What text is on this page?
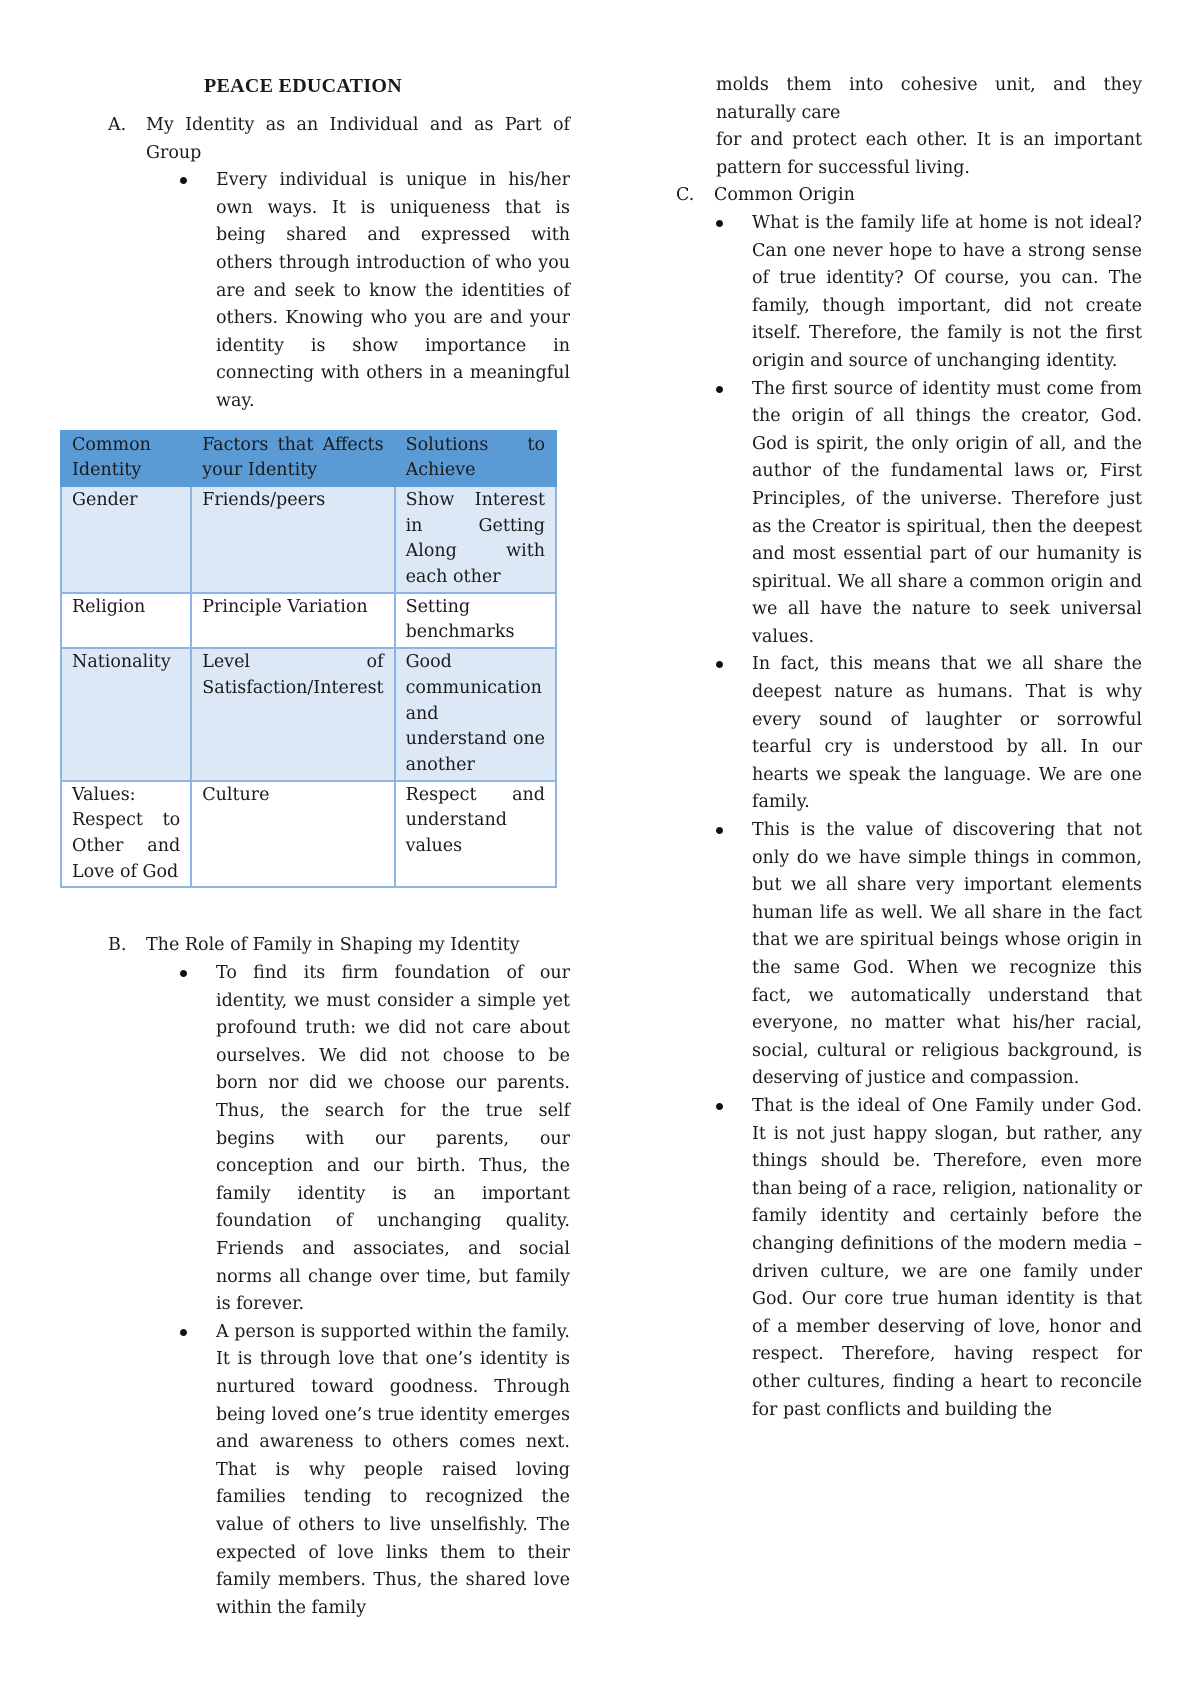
PEACE EDUCATION
A.	My Identity as an Individual and as Part of Group
Every individual is unique in his/her own ways. It is uniqueness that is being shared and expressed with others through introduction of who you are and seek to know the identities of others. Knowing who you are and your identity is show importance in connecting with others in a meaningful way.
Common Identity	Factors that Affects your Identity	Solutions to Achieve
Gender	Friends/peers	Show Interest in Getting Along with each other
Religion	Principle Variation	Setting benchmarks
Nationality	Level of Satisfaction/Interest	Good communication and understand one another
Values: Respect to Other and Love of God	Culture	Respect and understand values
B.	The Role of Family in Shaping my Identity
To find its firm foundation of our identity, we must consider a simple yet profound truth: we did not care about ourselves. We did not choose to be born nor did we choose our parents. Thus, the search for the true self begins with our parents, our conception and our birth. Thus, the family identity is an important foundation of unchanging quality. Friends and associates, and social norms all change over time, but family is forever.
A person is supported within the family. It is through love that one’s identity is nurtured toward goodness. Through being loved one’s true identity emerges and awareness to others comes next. That is why people raised loving families tending to recognized the value of others to live unselfishly. The expected of love links them to their family members. Thus, the shared love within the family

molds them into cohesive unit, and they naturally care

for and protect each other. It is an important pattern for successful living.

C.	Common Origin
What is the family life at home is not ideal? Can one never hope to have a strong sense of true identity? Of course, you can. The family, though important, did not create itself. Therefore, the family is not the first origin and source of unchanging identity.
The first source of identity must come from the origin of all things the creator, God. God is spirit, the only origin of all, and the author of the fundamental laws or, First Principles, of the universe. Therefore just as the Creator is spiritual, then the deepest and most essential part of our humanity is spiritual. We all share a common origin and we all have the nature to seek universal values.
In fact, this means that we all share the deepest nature as humans. That is why every sound of laughter or sorrowful tearful cry is understood by all. In our hearts we speak the language. We are one family.
This is the value of discovering that not only do we have simple things in common, but we all share very important elements human life as well. We all share in the fact that we are spiritual beings whose origin in the same God. When we recognize this fact, we automatically understand that everyone, no matter what his/her racial, social, cultural or religious background, is deserving of justice and compassion.
That is the ideal of One Family under God. It is not just happy slogan, but rather, any things should be. Therefore, even more than being of a race, religion, nationality or family identity and certainly before the changing definitions of the modern media – driven culture, we are one family under God. Our core true human identity is that of a member deserving of love, honor and respect. Therefore, having respect for other cultures, finding a heart to reconcile for past conflicts and building the
